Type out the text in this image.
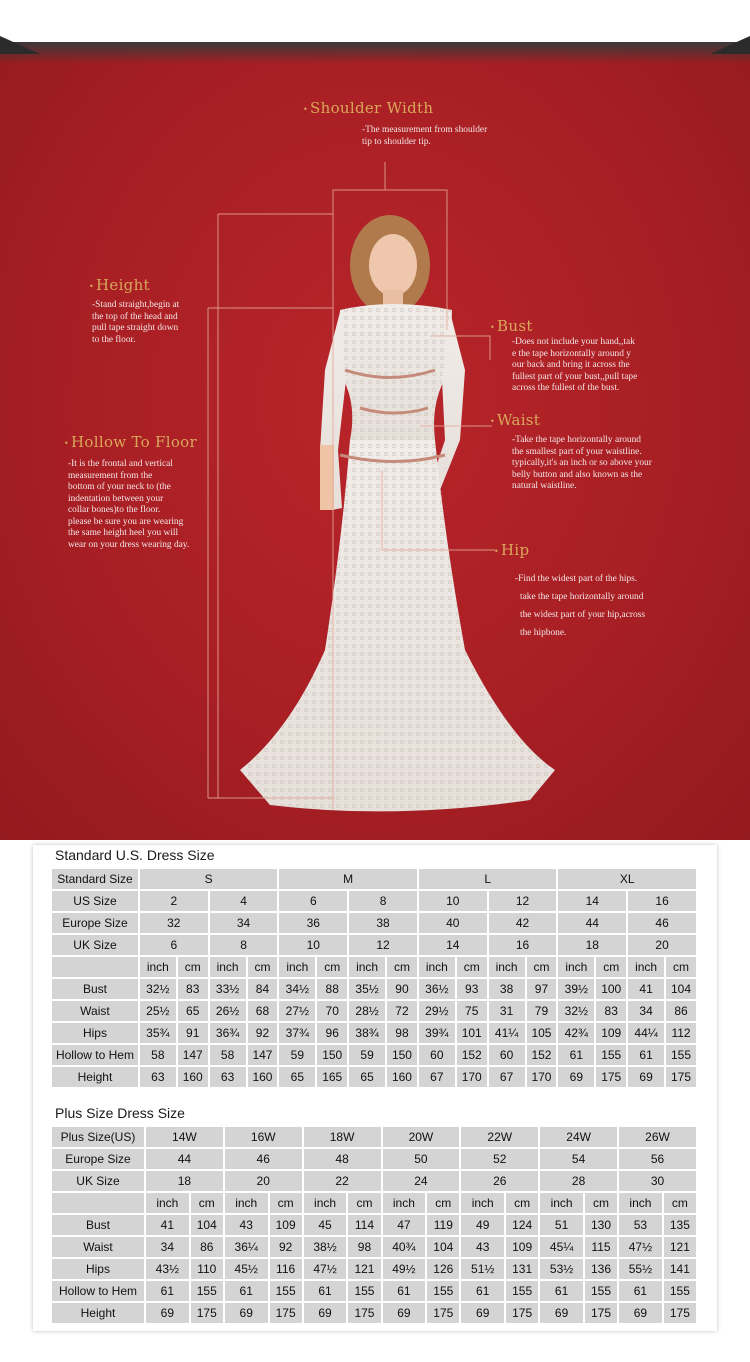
• Shoulder Width
-The measurement from shoulder
tip to shoulder tip.
• Height
-Stand straight,begin at
the top of the head and
pull tape straight down
to the floor.
• Hollow To Floor
-It is the frontal and vertical
measurement from the
bottom of your neck to (the
indentation between your
collar bones)to the floor.
please be sure you are wearing
the same height heel you will
wear on your dress wearing day.
• Bust
-Does not include your hand,,tak
e the tape horizontally around y
our back and bring it across the
fullest part of your bust,,pull tape
across the fullest of the bust.
• Waist
-Take the tape horizontally around
the smallest part of your waistline.
typically,it's an inch or so above your
belly button and also known as the
natural waistline.
• Hip
-Find the widest part of the hips.
take the tape horizontally around
the widest part of your hip,across
the hipbone.
Standard U.S. Dress Size
Standard Size	S				M				L				XL			
US Size	2		4		6		8		10		12		14		16	
Europe Size	32		34		36		38		40		42		44		46	
UK Size	6		8		10		12		14		16		18		20	
	inch	cm	inch	cm	inch	cm	inch	cm	inch	cm	inch	cm	inch	cm	inch	cm
Bust	32½	83	33½	84	34½	88	35½	90	36½	93	38	97	39½	100	41	104
Waist	25½	65	26½	68	27½	70	28½	72	29½	75	31	79	32½	83	34	86
Hips	35¾	91	36¾	92	37¾	96	38¾	98	39¾	101	41¼	105	42¾	109	44¼	112
Hollow to Hem	58	147	58	147	59	150	59	150	60	152	60	152	61	155	61	155
Height	63	160	63	160	65	165	65	160	67	170	67	170	69	175	69	175
Plus Size Dress Size
Plus Size(US)	14W		16W		18W		20W		22W		24W		26W	
Europe Size	44		46		48		50		52		54		56	
UK Size	18		20		22		24		26		28		30	
	inch	cm	inch	cm	inch	cm	inch	cm	inch	cm	inch	cm	inch	cm
Bust	41	104	43	109	45	114	47	119	49	124	51	130	53	135
Waist	34	86	36¼	92	38½	98	40¾	104	43	109	45¼	115	47½	121
Hips	43½	110	45½	116	47½	121	49½	126	51½	131	53½	136	55½	141
Hollow to Hem	61	155	61	155	61	155	61	155	61	155	61	155	61	155
Height	69	175	69	175	69	175	69	175	69	175	69	175	69	175
